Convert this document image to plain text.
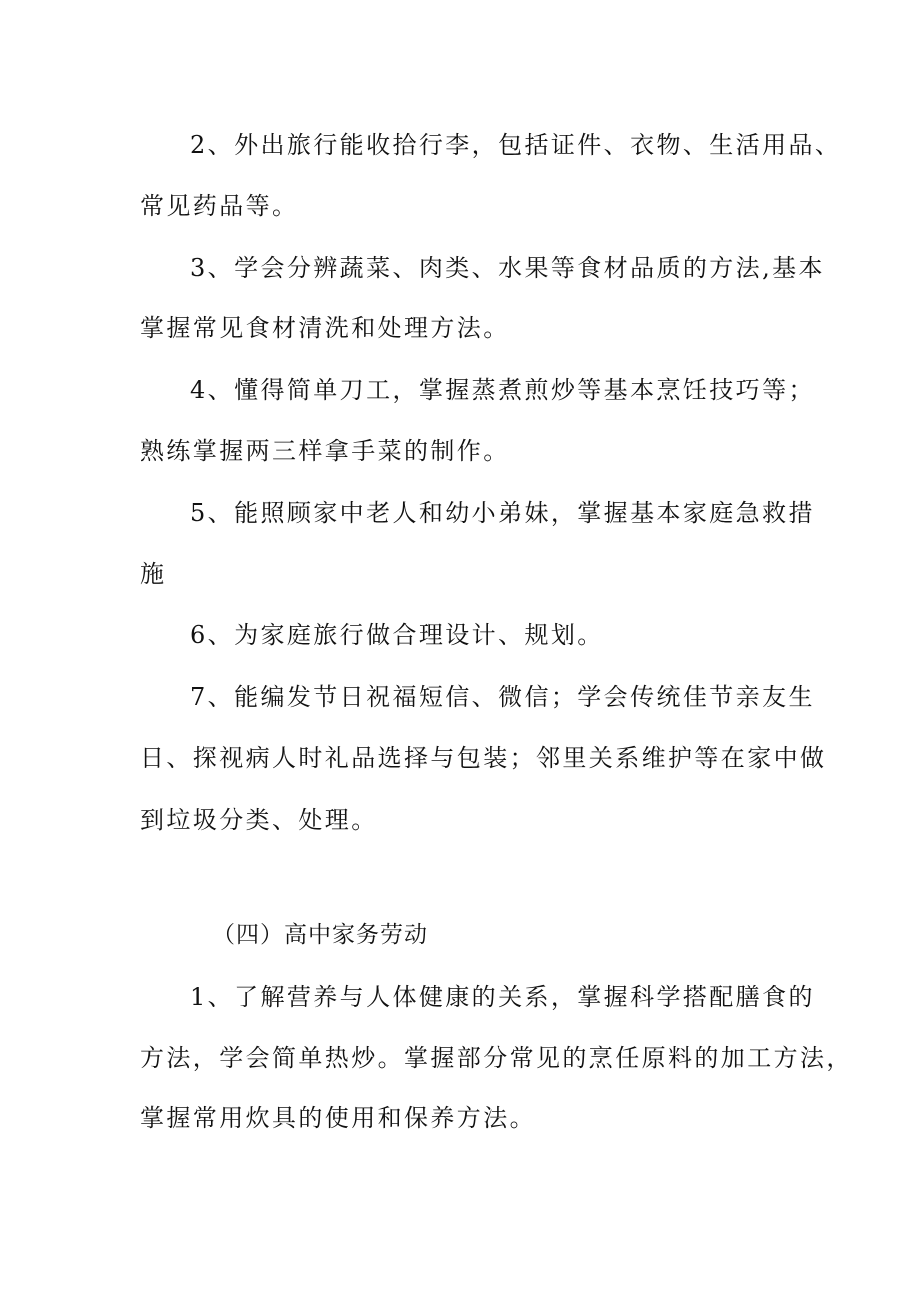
2、外出旅行能收拾行李，包括证件、衣物、生活用品、
常见药品等。
3、学会分辨蔬菜、肉类、水果等食材品质的方法,基本
掌握常见食材清洗和处理方法。
4、懂得简单刀工，掌握蒸煮煎炒等基本烹饪技巧等；
熟练掌握两三样拿手菜的制作。
5、能照顾家中老人和幼小弟妹，掌握基本家庭急救措
施
6、为家庭旅行做合理设计、规划。
7、能编发节日祝福短信、微信；学会传统佳节亲友生
日、探视病人时礼品选择与包装；邻里关系维护等在家中做
到垃圾分类、处理。
（四）高中家务劳动
1、了解营养与人体健康的关系，掌握科学搭配膳食的
方法，学会简单热炒。掌握部分常见的烹任原料的加工方法，
掌握常用炊具的使用和保养方法。
